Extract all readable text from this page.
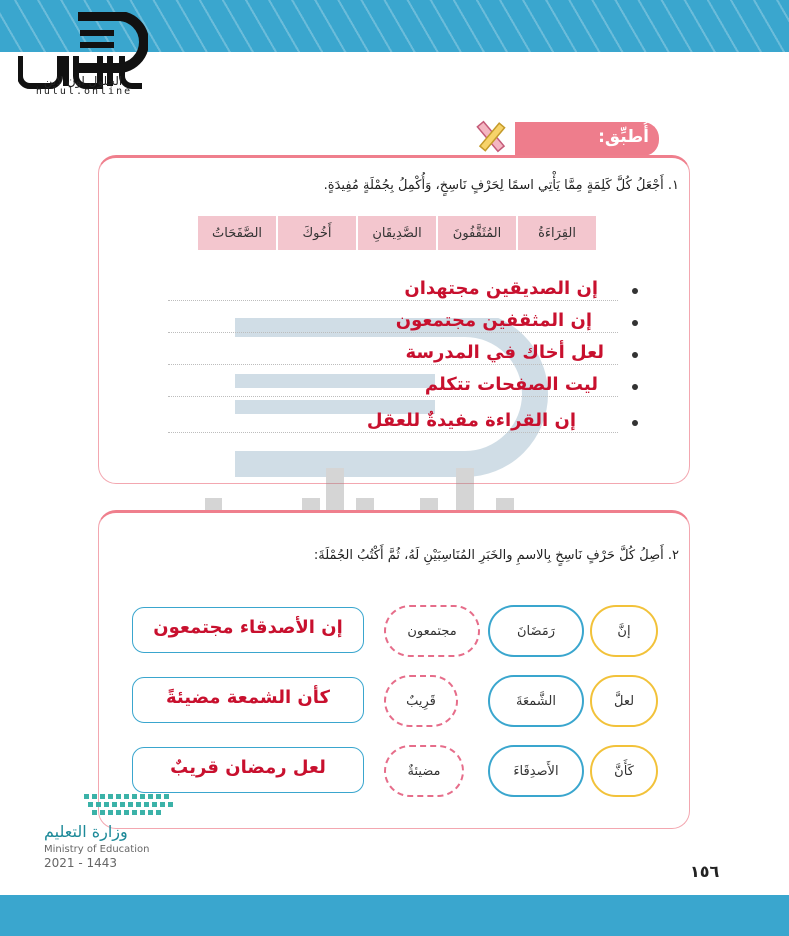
الحلول اون لاين
hulul.online
أُطبِّق:
١. أَجْعَلُ كُلَّ كَلِمَةٍ مِمَّا يَأْتِي اسمًا لِحَرْفٍ نَاسِخٍ، وَأُكْمِلُ بِجُمْلَةٍ مُفِيدَةٍ.
القِرَاءَةُ
المُثَقَّفُونَ
الصَّدِيقَانِ
أَخُوكَ
الصَّفَحَاتُ
إن الصديقين مجتهدان
إن المثقفين مجتمعون
لعل أخاك في المدرسة
ليت الصفحات تتكلم
إن القراءة مفيدةٌ للعقل
٢. أَصِلُ كُلَّ حَرْفٍ نَاسِخٍ بِالاسمِ والخَبَرِ المُنَاسِبَيْنِ لَهُ، ثُمَّ أَكْتُبُ الجُمْلَةَ:
إنَّ
رَمَضَانَ
مجتمعون
إن الأصدقاء مجتمعون
لعلَّ
الشَّمعَةَ
قَرِيبٌ
كأن الشمعة مضيئةً
كَأَنَّ
الأَصدِقَاءَ
مضيئةٌ
لعل رمضان قريبٌ
وزارة التعليم
Ministry of Education
2021 - 1443	١٥٦
